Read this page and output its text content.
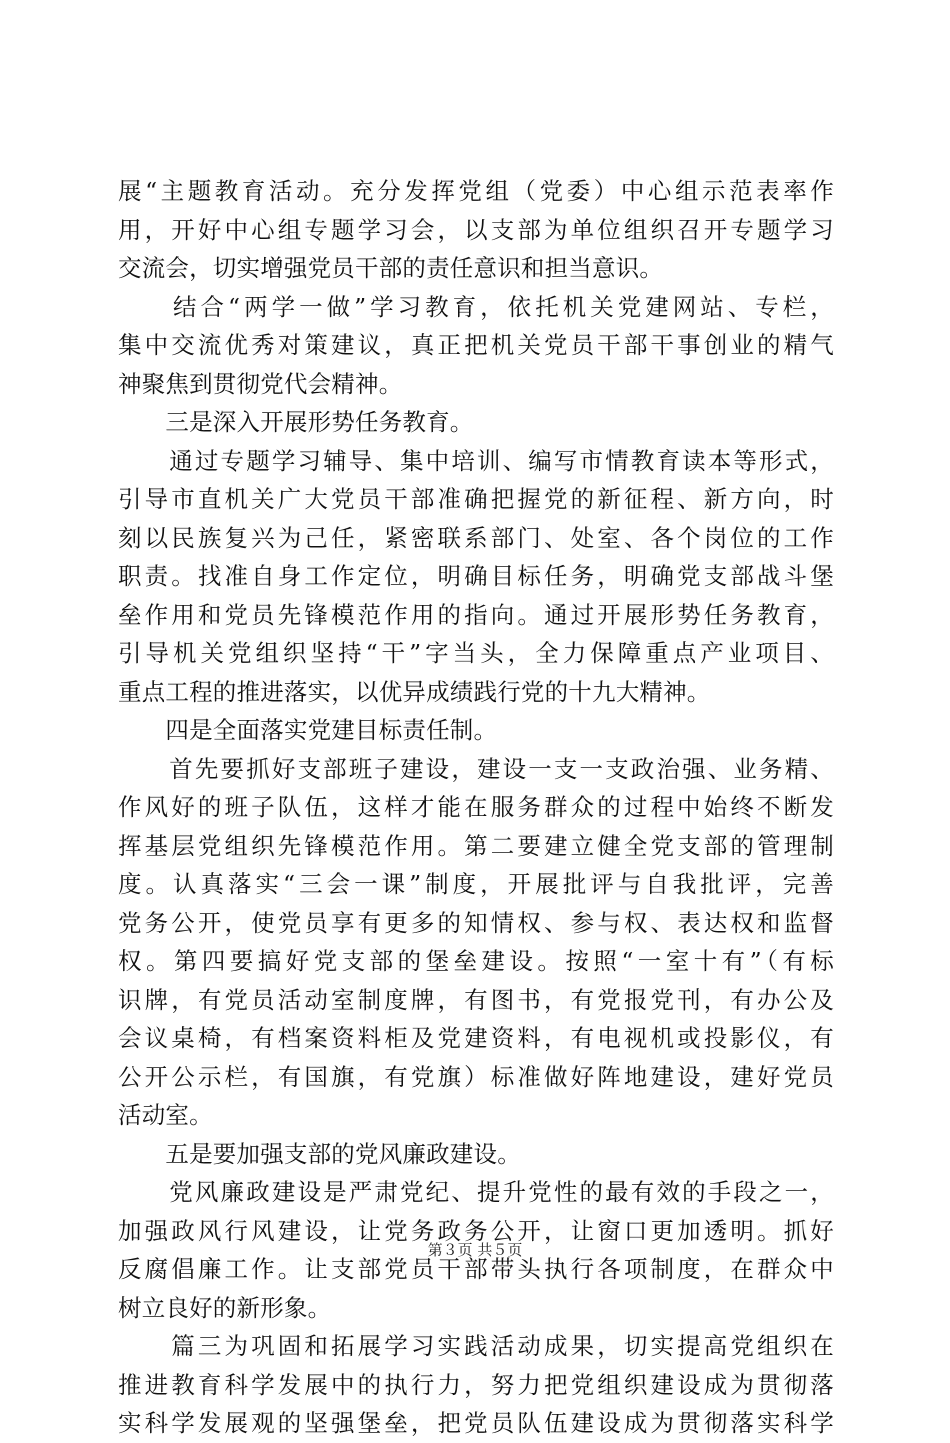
展“主题教育活动。充分发挥党组（党委）中心组示范表率作
用，开好中心组专题学习会，以支部为单位组织召开专题学习
交流会，切实增强党员干部的责任意识和担当意识。
　　结合“两学一做”学习教育，依托机关党建网站、专栏，
集中交流优秀对策建议，真正把机关党员干部干事创业的精气
神聚焦到贯彻党代会精神。
　　三是深入开展形势任务教育。
　　通过专题学习辅导、集中培训、编写市情教育读本等形式，
引导市直机关广大党员干部准确把握党的新征程、新方向，时
刻以民族复兴为己任，紧密联系部门、处室、各个岗位的工作
职责。找准自身工作定位，明确目标任务，明确党支部战斗堡
垒作用和党员先锋模范作用的指向。通过开展形势任务教育，
引导机关党组织坚持“干”字当头，全力保障重点产业项目、
重点工程的推进落实，以优异成绩践行党的十九大精神。
　　四是全面落实党建目标责任制。
　　首先要抓好支部班子建设，建设一支一支政治强、业务精、
作风好的班子队伍，这样才能在服务群众的过程中始终不断发
挥基层党组织先锋模范作用。第二要建立健全党支部的管理制
度。认真落实“三会一课”制度，开展批评与自我批评，完善
党务公开，使党员享有更多的知情权、参与权、表达权和监督
权。第四要搞好党支部的堡垒建设。按照“一室十有”（有标
识牌，有党员活动室制度牌，有图书，有党报党刊，有办公及
会议桌椅，有档案资料柜及党建资料，有电视机或投影仪，有
公开公示栏，有国旗，有党旗）标准做好阵地建设，建好党员
活动室。
　　五是要加强支部的党风廉政建设。
　　党风廉政建设是严肃党纪、提升党性的最有效的手段之一，
加强政风行风建设，让党务政务公开，让窗口更加透明。抓好
反腐倡廉工作。让支部党员干部带头执行各项制度，在群众中
树立良好的新形象。
　　篇三为巩固和拓展学习实践活动成果，切实提高党组织在
推进教育科学发展中的执行力，努力把党组织建设成为贯彻落
实科学发展观的坚强堡垒，把党员队伍建设成为贯彻落实科学
第３页 共５页
